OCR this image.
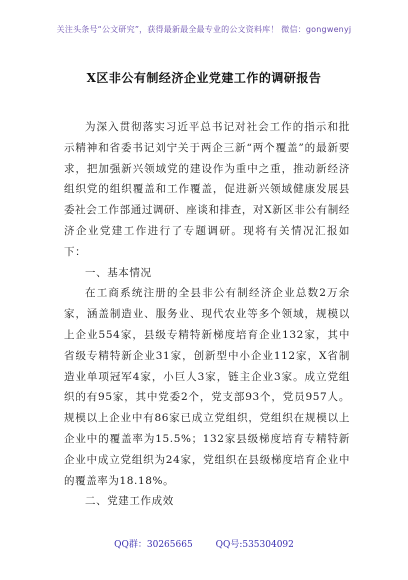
关注头条号“公文研究”，获得最新最全最专业的公文资料库！ 微信：gongwenyj
X区非公有制经济企业党建工作的调研报告

为深入贯彻落实习近平总书记对社会工作的指示和批示精神和省委书记刘宁关于两企三新“两个覆盖”的最新要求，把加强新兴领域党的建设作为重中之重，推动新经济组织党的组织覆盖和工作覆盖，促进新兴领域健康发展县委社会工作部通过调研、座谈和排查，对X新区非公有制经济企业党建工作进行了专题调研。现将有关情况汇报如下：

一、基本情况

在工商系统注册的全县非公有制经济企业总数2万余家，涵盖制造业、服务业、现代农业等多个领域，规模以上企业554家，县级专精特新梯度培育企业132家，其中省级专精特新企业31家，创新型中小企业112家，X省制造业单项冠军4家，小巨人3家，链主企业3家。成立党组织的有95家，其中党委2个，党支部93个，党员957人。规模以上企业中有86家已成立党组织，党组织在规模以上企业中的覆盖率为15.5%；132家县级梯度培育专精特新企业中成立党组织为24家，党组织在县级梯度培育企业中的覆盖率为18.18%。

二、党建工作成效

QQ群：30265665	QQ号:535304092
